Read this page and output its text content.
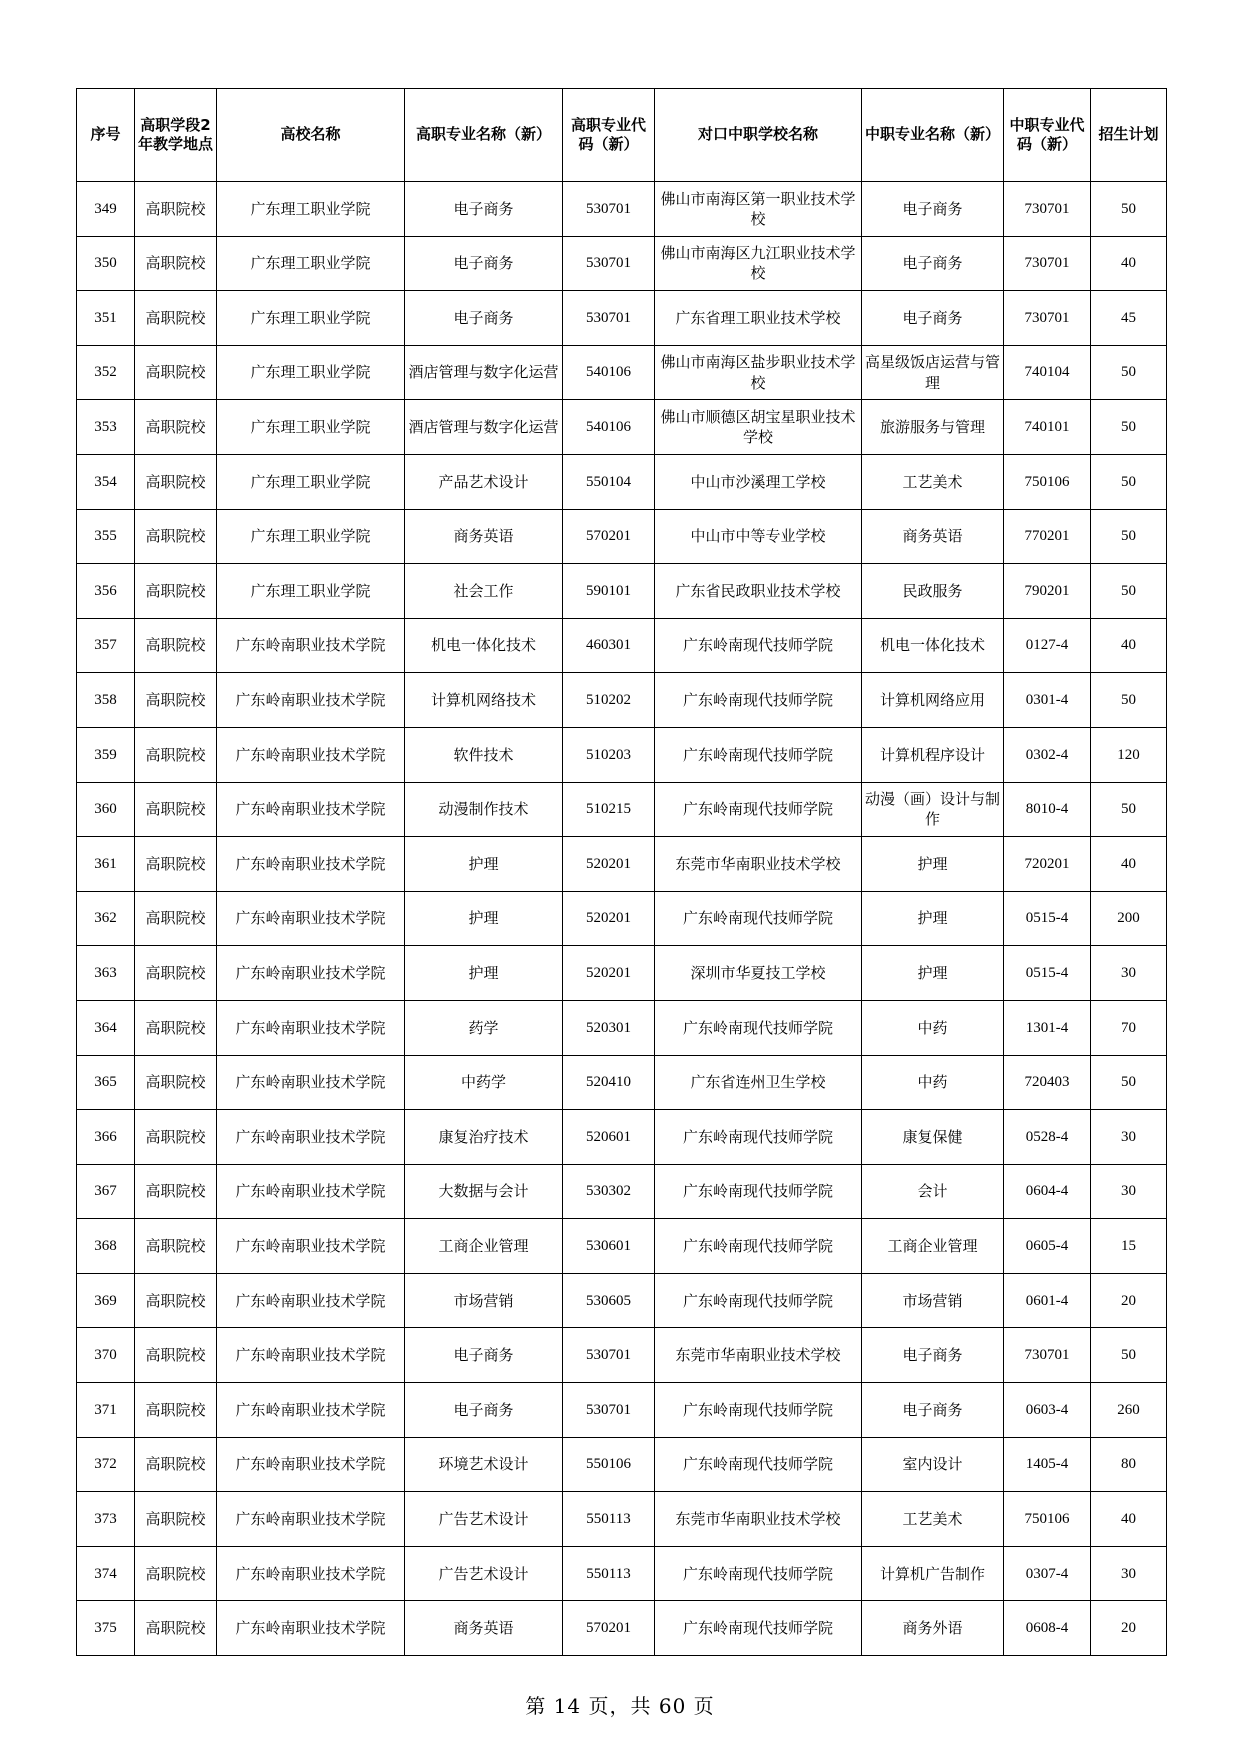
序号	高职学段2年教学地点	高校名称	高职专业名称（新）	高职专业代码（新）	对口中职学校名称	中职专业名称（新）	中职专业代码（新）	招生计划
349	高职院校	广东理工职业学院	电子商务	530701	佛山市南海区第一职业技术学校	电子商务	730701	50
350	高职院校	广东理工职业学院	电子商务	530701	佛山市南海区九江职业技术学校	电子商务	730701	40
351	高职院校	广东理工职业学院	电子商务	530701	广东省理工职业技术学校	电子商务	730701	45
352	高职院校	广东理工职业学院	酒店管理与数字化运营	540106	佛山市南海区盐步职业技术学校	高星级饭店运营与管理	740104	50
353	高职院校	广东理工职业学院	酒店管理与数字化运营	540106	佛山市顺德区胡宝星职业技术学校	旅游服务与管理	740101	50
354	高职院校	广东理工职业学院	产品艺术设计	550104	中山市沙溪理工学校	工艺美术	750106	50
355	高职院校	广东理工职业学院	商务英语	570201	中山市中等专业学校	商务英语	770201	50
356	高职院校	广东理工职业学院	社会工作	590101	广东省民政职业技术学校	民政服务	790201	50
357	高职院校	广东岭南职业技术学院	机电一体化技术	460301	广东岭南现代技师学院	机电一体化技术	0127-4	40
358	高职院校	广东岭南职业技术学院	计算机网络技术	510202	广东岭南现代技师学院	计算机网络应用	0301-4	50
359	高职院校	广东岭南职业技术学院	软件技术	510203	广东岭南现代技师学院	计算机程序设计	0302-4	120
360	高职院校	广东岭南职业技术学院	动漫制作技术	510215	广东岭南现代技师学院	动漫（画）设计与制作	8010-4	50
361	高职院校	广东岭南职业技术学院	护理	520201	东莞市华南职业技术学校	护理	720201	40
362	高职院校	广东岭南职业技术学院	护理	520201	广东岭南现代技师学院	护理	0515-4	200
363	高职院校	广东岭南职业技术学院	护理	520201	深圳市华夏技工学校	护理	0515-4	30
364	高职院校	广东岭南职业技术学院	药学	520301	广东岭南现代技师学院	中药	1301-4	70
365	高职院校	广东岭南职业技术学院	中药学	520410	广东省连州卫生学校	中药	720403	50
366	高职院校	广东岭南职业技术学院	康复治疗技术	520601	广东岭南现代技师学院	康复保健	0528-4	30
367	高职院校	广东岭南职业技术学院	大数据与会计	530302	广东岭南现代技师学院	会计	0604-4	30
368	高职院校	广东岭南职业技术学院	工商企业管理	530601	广东岭南现代技师学院	工商企业管理	0605-4	15
369	高职院校	广东岭南职业技术学院	市场营销	530605	广东岭南现代技师学院	市场营销	0601-4	20
370	高职院校	广东岭南职业技术学院	电子商务	530701	东莞市华南职业技术学校	电子商务	730701	50
371	高职院校	广东岭南职业技术学院	电子商务	530701	广东岭南现代技师学院	电子商务	0603-4	260
372	高职院校	广东岭南职业技术学院	环境艺术设计	550106	广东岭南现代技师学院	室内设计	1405-4	80
373	高职院校	广东岭南职业技术学院	广告艺术设计	550113	东莞市华南职业技术学校	工艺美术	750106	40
374	高职院校	广东岭南职业技术学院	广告艺术设计	550113	广东岭南现代技师学院	计算机广告制作	0307-4	30
375	高职院校	广东岭南职业技术学院	商务英语	570201	广东岭南现代技师学院	商务外语	0608-4	20
第 14 页，共 60 页
